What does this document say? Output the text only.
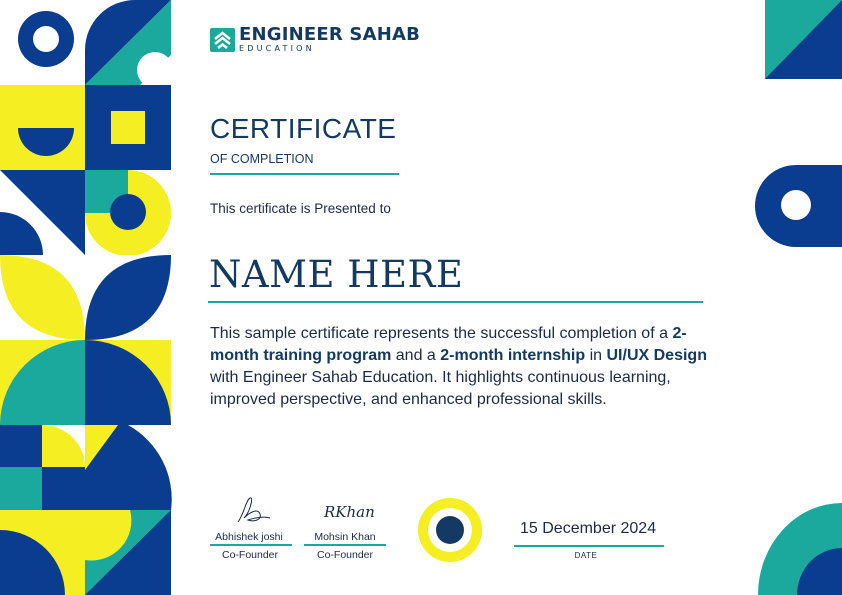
ENGINEER SAHAB
EDUCATION
CERTIFICATE
OF COMPLETION
This certificate is Presented to
NAME HERE
This sample certificate represents the successful completion of a 2-month training program and a 2-month internship in UI/UX Design with Engineer Sahab Education. It highlights continuous learning, improved perspective, and enhanced professional skills.
Abhishek joshi
Co-Founder
RKhan
Mohsin Khan
Co-Founder
15 December 2024
DATE
